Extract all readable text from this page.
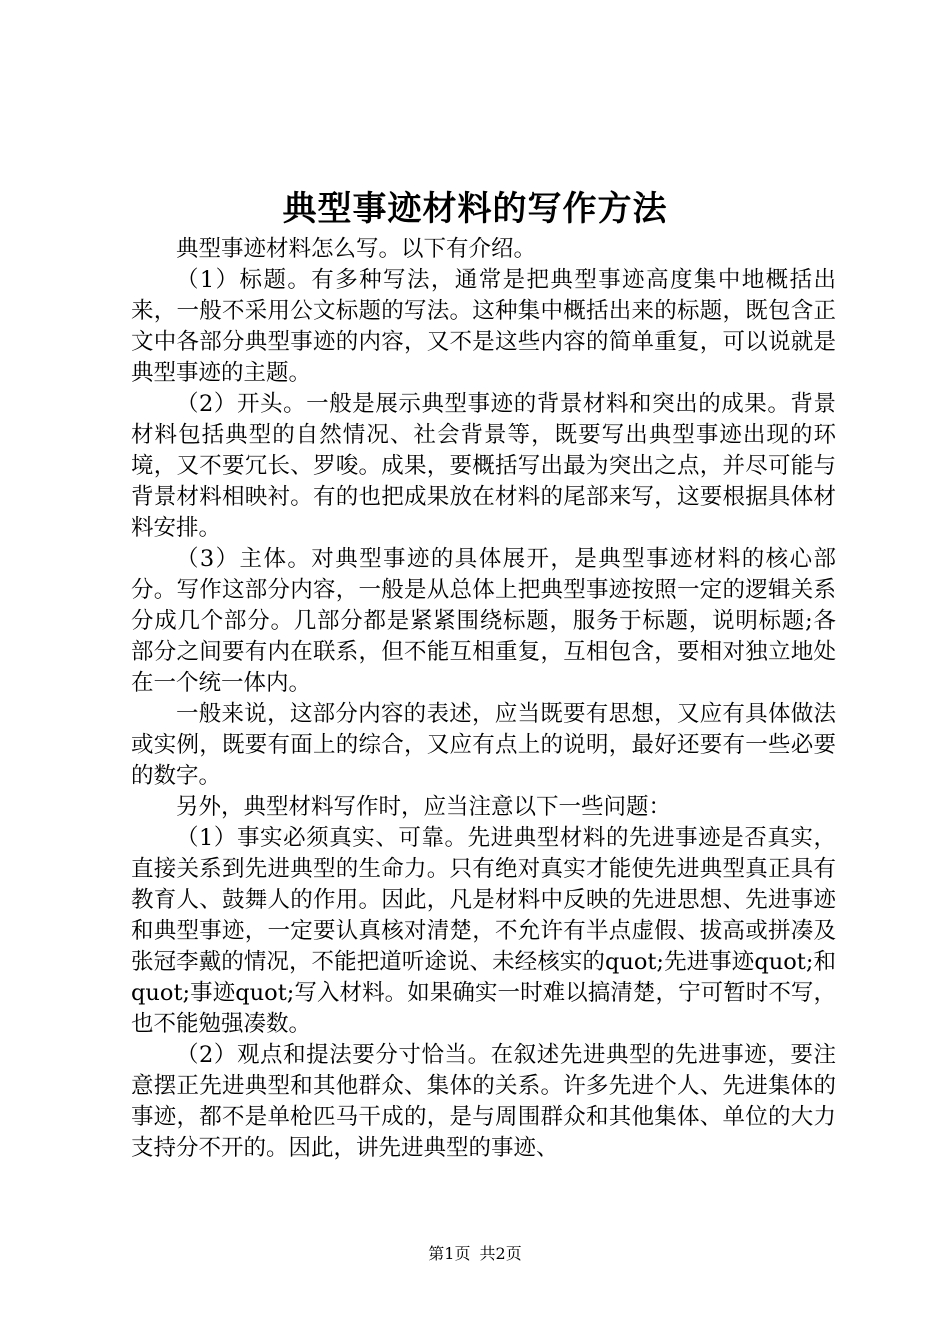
典型事迹材料的写作方法

典型事迹材料怎么写。以下有介绍。

（1）标题。有多种写法，通常是把典型事迹高度集中地概括出来，一般不采用公文标题的写法。这种集中概括出来的标题，既包含正文中各部分典型事迹的内容，又不是这些内容的简单重复，可以说就是典型事迹的主题。

（2）开头。一般是展示典型事迹的背景材料和突出的成果。背景材料包括典型的自然情况、社会背景等，既要写出典型事迹出现的环境，又不要冗长、罗唆。成果，要概括写出最为突出之点，并尽可能与背景材料相映衬。有的也把成果放在材料的尾部来写，这要根据具体材料安排。

（3）主体。对典型事迹的具体展开，是典型事迹材料的核心部分。写作这部分内容，一般是从总体上把典型事迹按照一定的逻辑关系分成几个部分。几部分都是紧紧围绕标题，服务于标题，说明标题;各部分之间要有内在联系，但不能互相重复，互相包含，要相对独立地处在一个统一体内。

一般来说，这部分内容的表述，应当既要有思想，又应有具体做法或实例，既要有面上的综合，又应有点上的说明，最好还要有一些必要的数字。

另外，典型材料写作时，应当注意以下一些问题：

（1）事实必须真实、可靠。先进典型材料的先进事迹是否真实，直接关系到先进典型的生命力。只有绝对真实才能使先进典型真正具有教育人、鼓舞人的作用。因此，凡是材料中反映的先进思想、先进事迹和典型事迹，一定要认真核对清楚，不允许有半点虚假、拔高或拼凑及张冠李戴的情况，不能把道听途说、未经核实的quot;先进事迹quot;和quot;事迹quot;写入材料。如果确实一时难以搞清楚，宁可暂时不写，也不能勉强凑数。

（2）观点和提法要分寸恰当。在叙述先进典型的先进事迹，要注意摆正先进典型和其他群众、集体的关系。许多先进个人、先进集体的事迹，都不是单枪匹马干成的，是与周围群众和其他集体、单位的大力支持分不开的。因此，讲先进典型的事迹、

第1页 共2页
